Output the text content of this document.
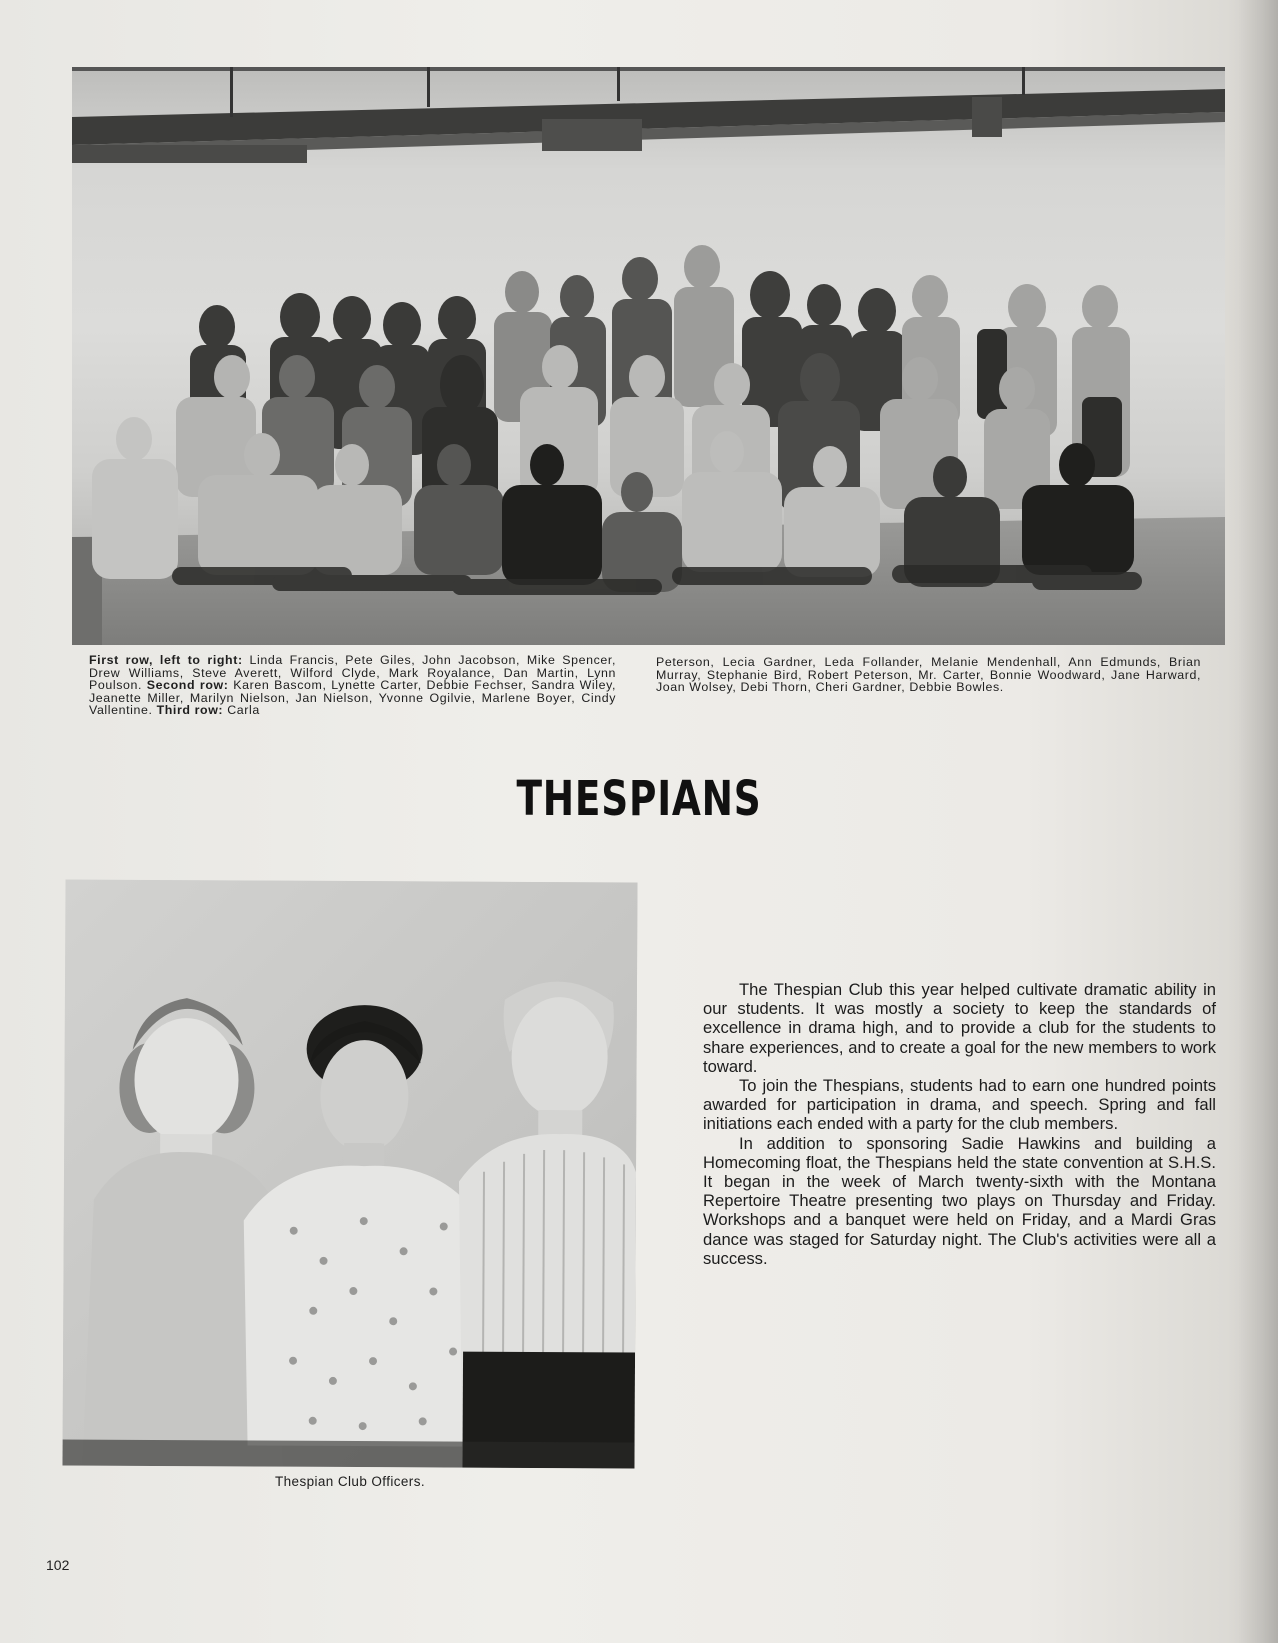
First row, left to right: Linda Francis, Pete Giles, John Jacobson, Mike Spencer, Drew Williams, Steve Averett, Wilford Clyde, Mark Royalance, Dan Martin, Lynn Poulson. Second row: Karen Bascom, Lynette Carter, Debbie Fechser, Sandra Wiley, Jeanette Miller, Marilyn Nielson, Jan Nielson, Yvonne Ogilvie, Marlene Boyer, Cindy Vallentine. Third row: Carla
Peterson, Lecia Gardner, Leda Follander, Melanie Mendenhall, Ann Edmunds, Brian Murray, Stephanie Bird, Robert Peterson, Mr. Carter, Bonnie Woodward, Jane Harward, Joan Wolsey, Debi Thorn, Cheri Gardner, Debbie Bowles.
THESPIANS
Thespian Club Officers.

The Thespian Club this year helped cultivate dramatic ability in our students. It was mostly a society to keep the standards of excellence in drama high, and to provide a club for the students to share experiences, and to create a goal for the new members to work toward.

To join the Thespians, students had to earn one hundred points awarded for participation in drama, and speech. Spring and fall initiations each ended with a party for the club members.

In addition to sponsoring Sadie Hawkins and building a Homecoming float, the Thespians held the state convention at S.H.S. It began in the week of March twenty-sixth with the Montana Repertoire Theatre presenting two plays on Thursday and Friday. Workshops and a banquet were held on Friday, and a Mardi Gras dance was staged for Saturday night. The Club's activities were all a success.

102
